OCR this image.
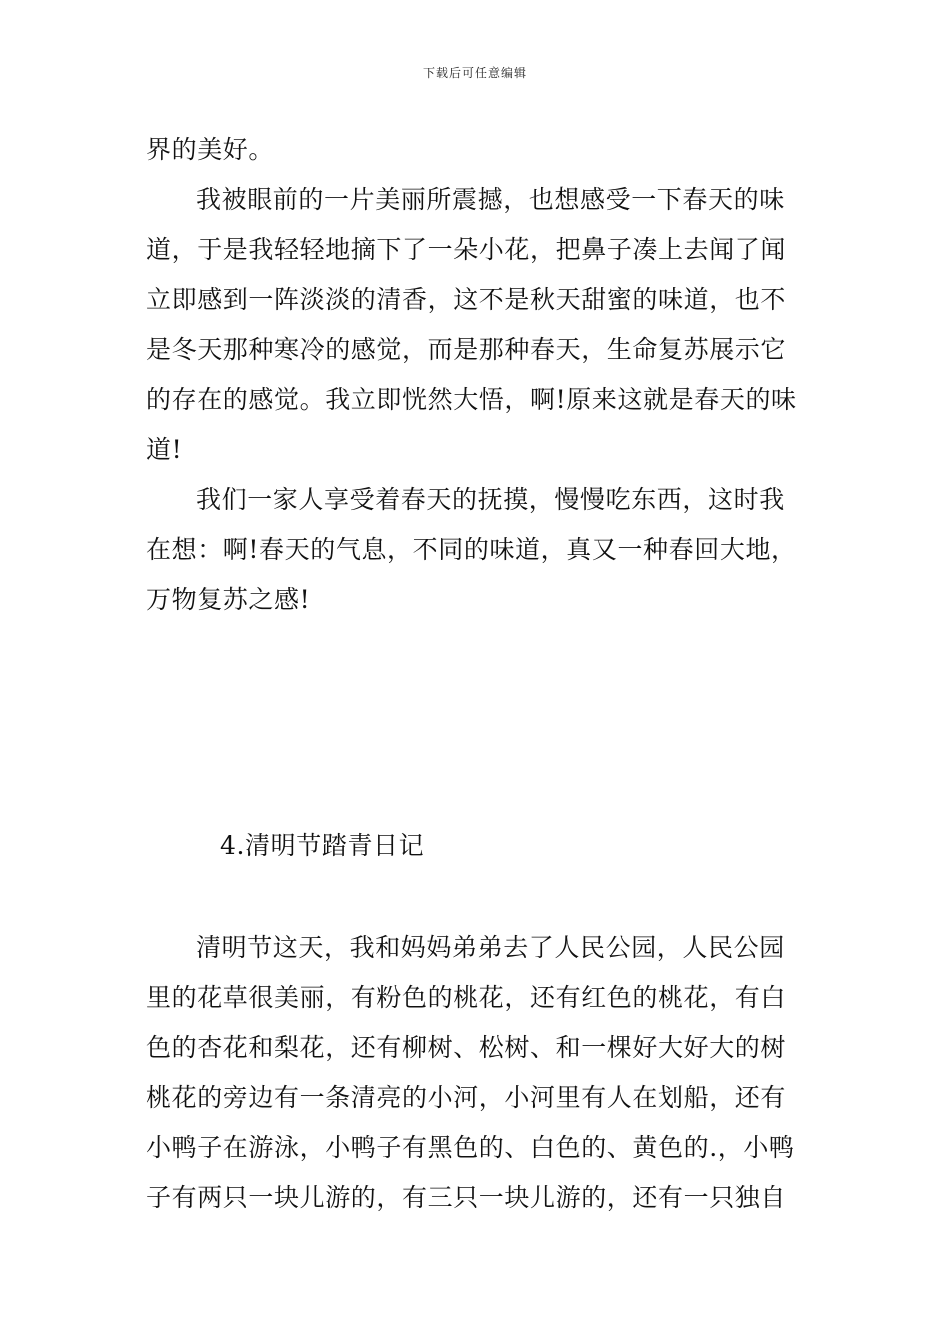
下载后可任意编辑
界的美好。
我被眼前的一片美丽所震撼，也想感受一下春天的味
道，于是我轻轻地摘下了一朵小花，把鼻子凑上去闻了闻
立即感到一阵淡淡的清香，这不是秋天甜蜜的味道，也不
是冬天那种寒冷的感觉，而是那种春天，生命复苏展示它
的存在的感觉。我立即恍然大悟，啊!原来这就是春天的味
道!
我们一家人享受着春天的抚摸，慢慢吃东西，这时我
在想：啊!春天的气息，不同的味道，真又一种春回大地，
万物复苏之感!
4.清明节踏青日记
清明节这天，我和妈妈弟弟去了人民公园，人民公园
里的花草很美丽，有粉色的桃花，还有红色的桃花，有白
色的杏花和梨花，还有柳树、松树、和一棵好大好大的树
桃花的旁边有一条清亮的小河，小河里有人在划船，还有
小鸭子在游泳，小鸭子有黑色的、白色的、黄色的.，小鸭
子有两只一块儿游的，有三只一块儿游的，还有一只独自
